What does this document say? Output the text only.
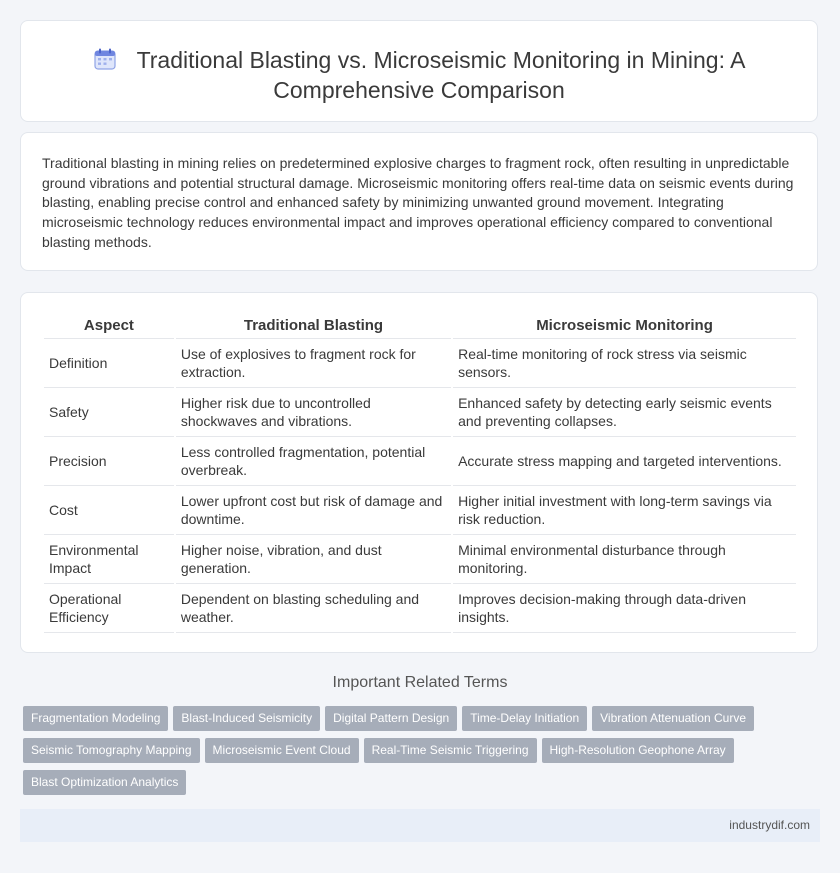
Traditional Blasting vs. Microseismic Monitoring in Mining: A Comprehensive Comparison

Traditional blasting in mining relies on predetermined explosive charges to fragment rock, often resulting in unpredictable ground vibrations and potential structural damage. Microseismic monitoring offers real-time data on seismic events during blasting, enabling precise control and enhanced safety by minimizing unwanted ground movement. Integrating microseismic technology reduces environmental impact and improves operational efficiency compared to conventional blasting methods.

Aspect	Traditional Blasting	Microseismic Monitoring
Definition	Use of explosives to fragment rock for extraction.	Real-time monitoring of rock stress via seismic sensors.
Safety	Higher risk due to uncontrolled shockwaves and vibrations.	Enhanced safety by detecting early seismic events and preventing collapses.
Precision	Less controlled fragmentation, potential overbreak.	Accurate stress mapping and targeted interventions.
Cost	Lower upfront cost but risk of damage and downtime.	Higher initial investment with long-term savings via risk reduction.
Environmental Impact	Higher noise, vibration, and dust generation.	Minimal environmental disturbance through monitoring.
Operational Efficiency	Dependent on blasting scheduling and weather.	Improves decision-making through data-driven insights.
Important Related Terms
Fragmentation Modeling Blast-Induced Seismicity Digital Pattern Design Time-Delay Initiation Vibration Attenuation CurveSeismic Tomography Mapping Microseismic Event Cloud Real-Time Seismic Triggering High-Resolution Geophone ArrayBlast Optimization Analytics
industrydif.com
